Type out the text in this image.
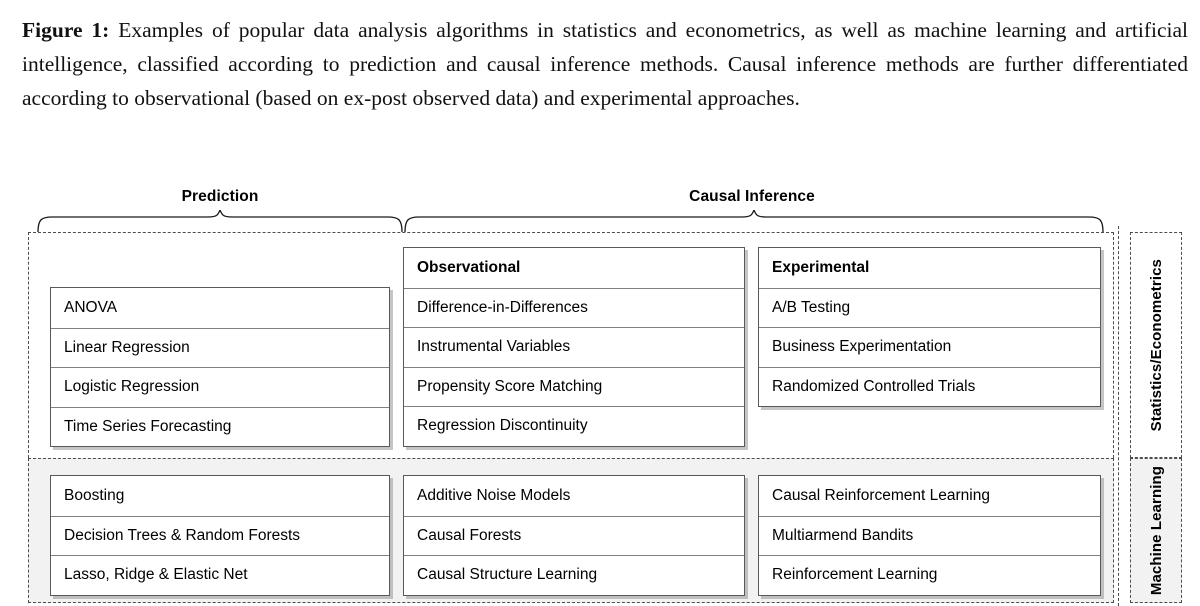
Figure 1: Examples of popular data analysis algorithms in statistics and econometrics, as well as machine learning and artificial intelligence, classified according to prediction and causal inference methods. Causal inference methods are further differentiated according to observational (based on ex-post observed data) and experimental approaches.
Prediction	Causal Inference
Statistics/Econometrics
Machine Learning
ANOVA
Linear Regression
Logistic Regression
Time Series Forecasting
Observational
Difference-in-Differences
Instrumental Variables
Propensity Score Matching
Regression Discontinuity
Experimental
A/B Testing
Business Experimentation
Randomized Controlled Trials
Boosting
Decision Trees & Random Forests
Lasso, Ridge & Elastic Net
Additive Noise Models
Causal Forests
Causal Structure Learning
Causal Reinforcement Learning
Multiarmend Bandits
Reinforcement Learning
